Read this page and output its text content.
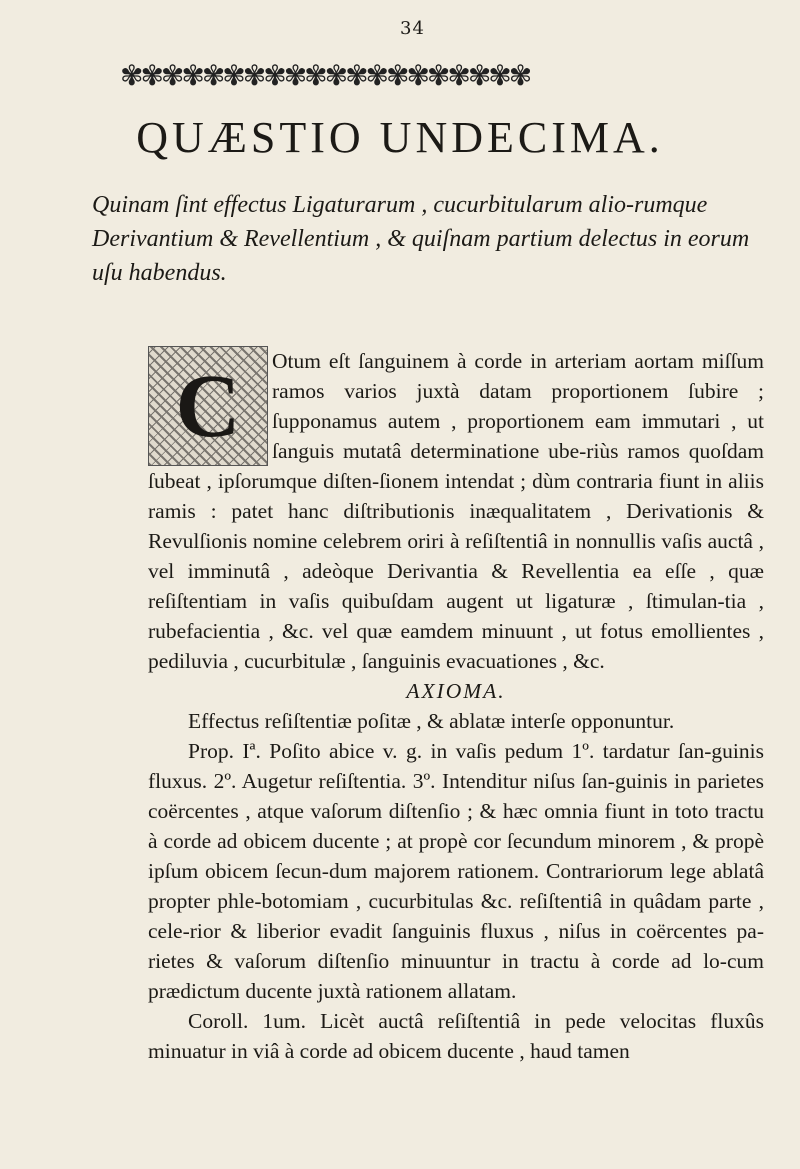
34
✾✾✾✾✾✾✾✾✾✾✾✾✾✾✾✾✾✾✾✾
QUÆSTIO UNDECIMA.
Quinam ſint effectus Ligaturarum , cucurbitularum alio-rumque Derivantium & Revellentium , & quiſnam partium delectus in eorum uſu habendus.
C	Otum eſt ſanguinem à corde in arteriam aortam miſſum ramos varios juxtà datam proportionem ſubire ; ſupponamus autem , proportionem eam immutari , ut ſanguis mutatâ determinatione ube-riùs ramos quoſdam ſubeat , ipſorumque diſten-ſionem intendat ; dùm contraria fiunt in aliis ramis : patet hanc diſtributionis inæqualitatem , Derivationis & Revulſionis nomine celebrem oriri à reſiſtentiâ in nonnullis vaſis auctâ , vel imminutâ , adeòque Derivantia & Revellentia ea eſſe , quæ reſiſtentiam in vaſis quibuſdam augent ut ligaturæ , ſtimulan-tia , rubefacientia , &c. vel quæ eamdem minuunt , ut fotus emollientes , pediluvia , cucurbitulæ , ſanguinis evacuationes , &c.

AXIOMA.

Effectus reſiſtentiæ poſitæ , & ablatæ interſe opponuntur.

Prop. Iª. Poſito abice v. g. in vaſis pedum 1º. tardatur ſan-guinis fluxus. 2º. Augetur reſiſtentia. 3º. Intenditur niſus ſan-guinis in parietes coërcentes , atque vaſorum diſtenſio ; & hæc omnia fiunt in toto tractu à corde ad obicem ducente ; at propè cor ſecundum minorem , & propè ipſum obicem ſecun-dum majorem rationem. Contrariorum lege ablatâ propter phle-botomiam , cucurbitulas &c. reſiſtentiâ in quâdam parte , cele-rior & liberior evadit ſanguinis fluxus , niſus in coërcentes pa-rietes & vaſorum diſtenſio minuuntur in tractu à corde ad lo-cum prædictum ducente juxtà rationem allatam.

Coroll. 1um. Licèt auctâ reſiſtentiâ in pede velocitas fluxûs minuatur in viâ à corde ad obicem ducente , haud tamen
